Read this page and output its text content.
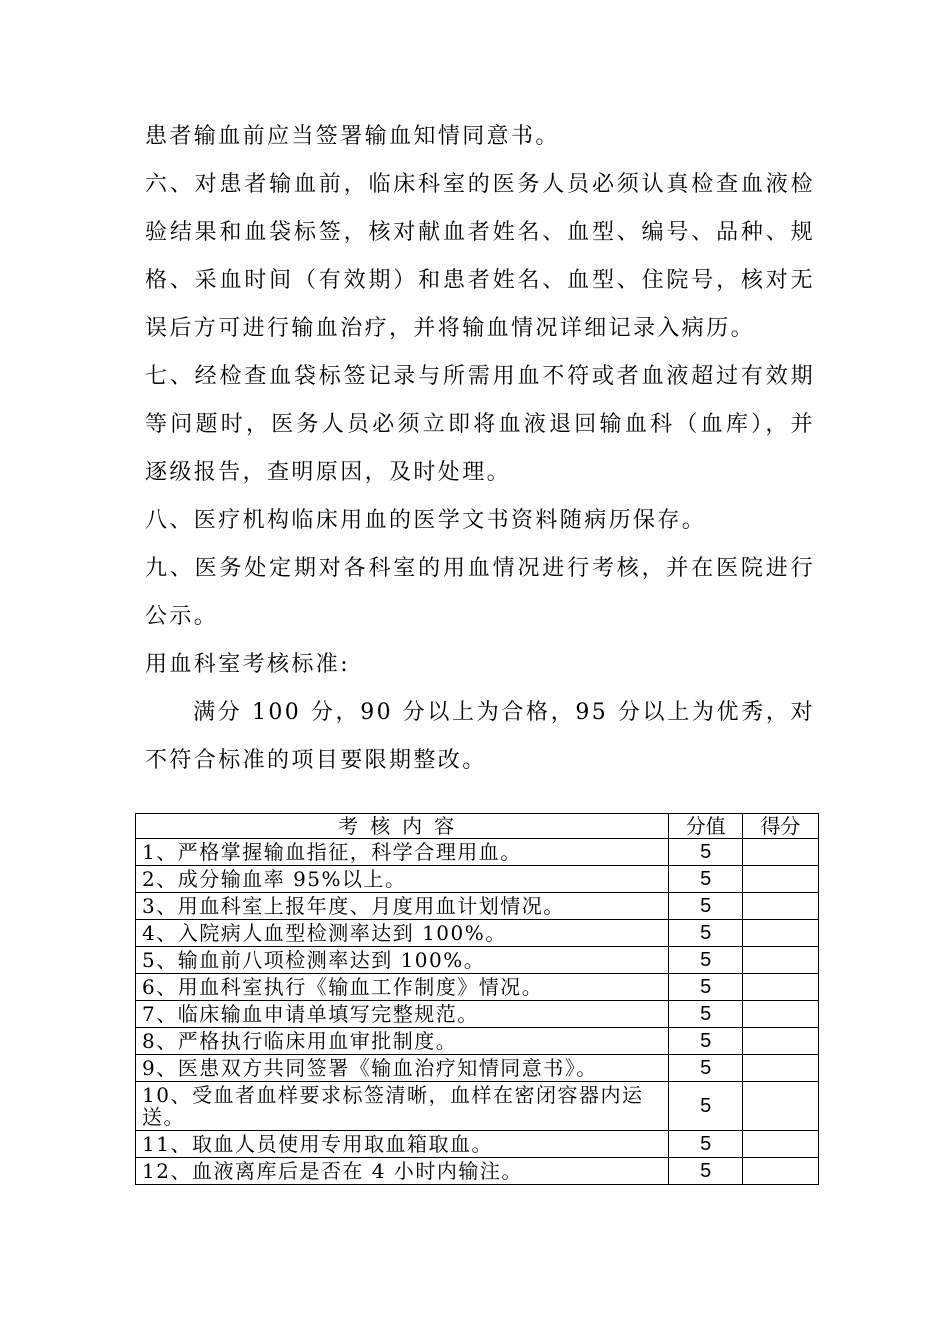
患者输血前应当签署输血知情同意书。

六、对患者输血前，临床科室的医务人员必须认真检查血液检验结果和血袋标签，核对献血者姓名、血型、编号、品种、规格、采血时间（有效期）和患者姓名、血型、住院号，核对无误后方可进行输血治疗，并将输血情况详细记录入病历。

七、经检查血袋标签记录与所需用血不符或者血液超过有效期等问题时，医务人员必须立即将血液退回输血科（血库），并逐级报告，查明原因，及时处理。

八、医疗机构临床用血的医学文书资料随病历保存。

九、医务处定期对各科室的用血情况进行考核，并在医院进行公示。

用血科室考核标准:

满分 100 分，90 分以上为合格，95 分以上为优秀，对不符合标准的项目要限期整改。

考核内容	分值	得分
1、严格掌握输血指征，科学合理用血。	5	
2、成分输血率 95%以上。	5	
3、用血科室上报年度、月度用血计划情况。	5	
4、入院病人血型检测率达到 100%。	5	
5、输血前八项检测率达到 100%。	5	
6、用血科室执行《输血工作制度》情况。	5	
7、临床输血申请单填写完整规范。	5	
8、严格执行临床用血审批制度。	5	
9、医患双方共同签署《输血治疗知情同意书》。	5	
10、受血者血样要求标签清晰，血样在密闭容器内运送。	5	
11、取血人员使用专用取血箱取血。	5	
12、血液离库后是否在 4 小时内输注。	5	
